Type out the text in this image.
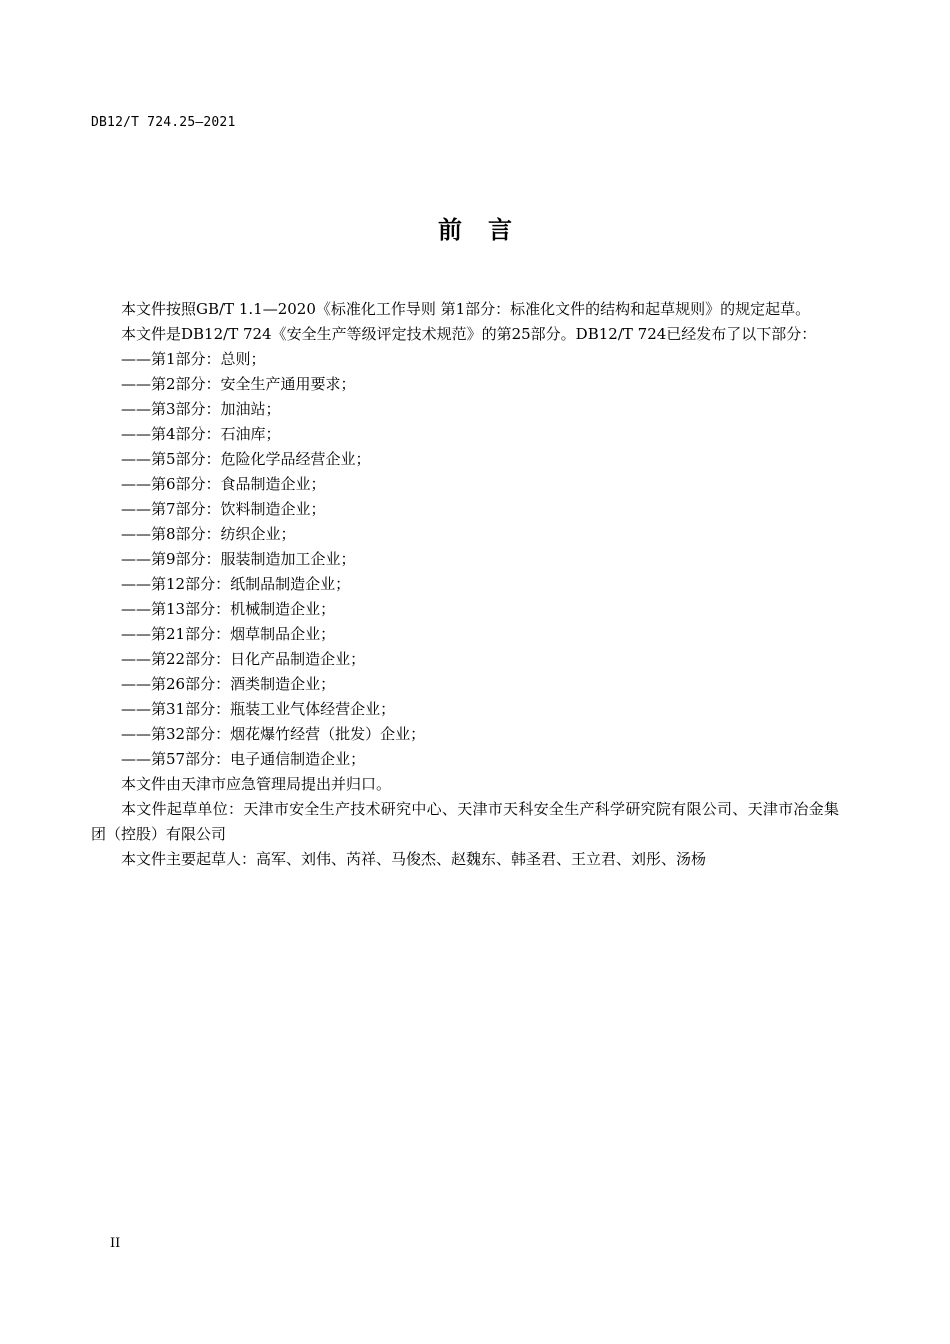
DB12/T 724.25—2021
前言

本文件按照GB/T 1.1—2020《标准化工作导则 第1部分：标准化文件的结构和起草规则》的规定起草。

本文件是DB12/T 724《安全生产等级评定技术规范》的第25部分。DB12/T 724已经发布了以下部分：

——第1部分：总则；

——第2部分：安全生产通用要求；

——第3部分：加油站；

——第4部分：石油库；

——第5部分：危险化学品经营企业；

——第6部分：食品制造企业；

——第7部分：饮料制造企业；

——第8部分：纺织企业；

——第9部分：服装制造加工企业；

——第12部分：纸制品制造企业；

——第13部分：机械制造企业；

——第21部分：烟草制品企业；

——第22部分：日化产品制造企业；

——第26部分：酒类制造企业；

——第31部分：瓶装工业气体经营企业；

——第32部分：烟花爆竹经营（批发）企业；

——第57部分：电子通信制造企业；

本文件由天津市应急管理局提出并归口。

本文件起草单位：天津市安全生产技术研究中心、天津市天科安全生产科学研究院有限公司、天津市冶金集团（控股）有限公司

本文件主要起草人：高军、刘伟、芮祥、马俊杰、赵魏东、韩圣君、王立君、刘彤、汤杨

II
